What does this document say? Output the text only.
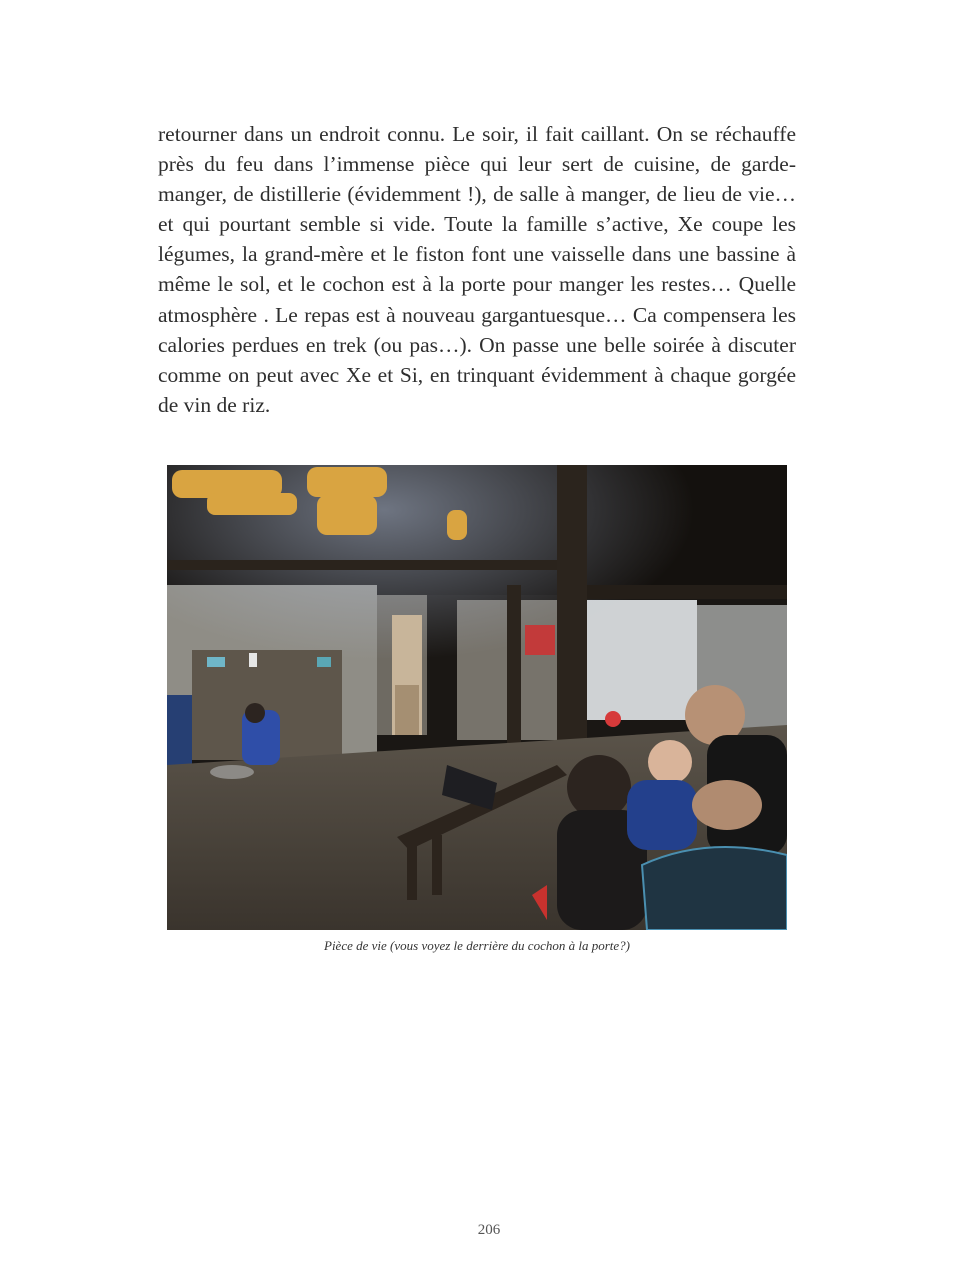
retourner dans un endroit connu. Le soir, il fait caillant. On se réchauffe près du feu dans l’immense pièce qui leur sert de cuisine, de garde-manger, de distillerie (évidemment !), de salle à manger, de lieu de vie… et qui pourtant semble si vide. Toute la famille s’active, Xe coupe les légumes, la grand-mère et le fiston font une vaisselle dans une bassine à même le sol, et le cochon est à la porte pour manger les restes… Quelle atmosphère . Le repas est à nouveau gargantuesque… Ca compensera les calories perdues en trek (ou pas…). On passe une belle soirée à discuter comme on peut avec Xe et Si, en trinquant évidemment à chaque gorgée de vin de riz.

Pièce de vie (vous voyez le derrière du cochon à la porte?)

206
